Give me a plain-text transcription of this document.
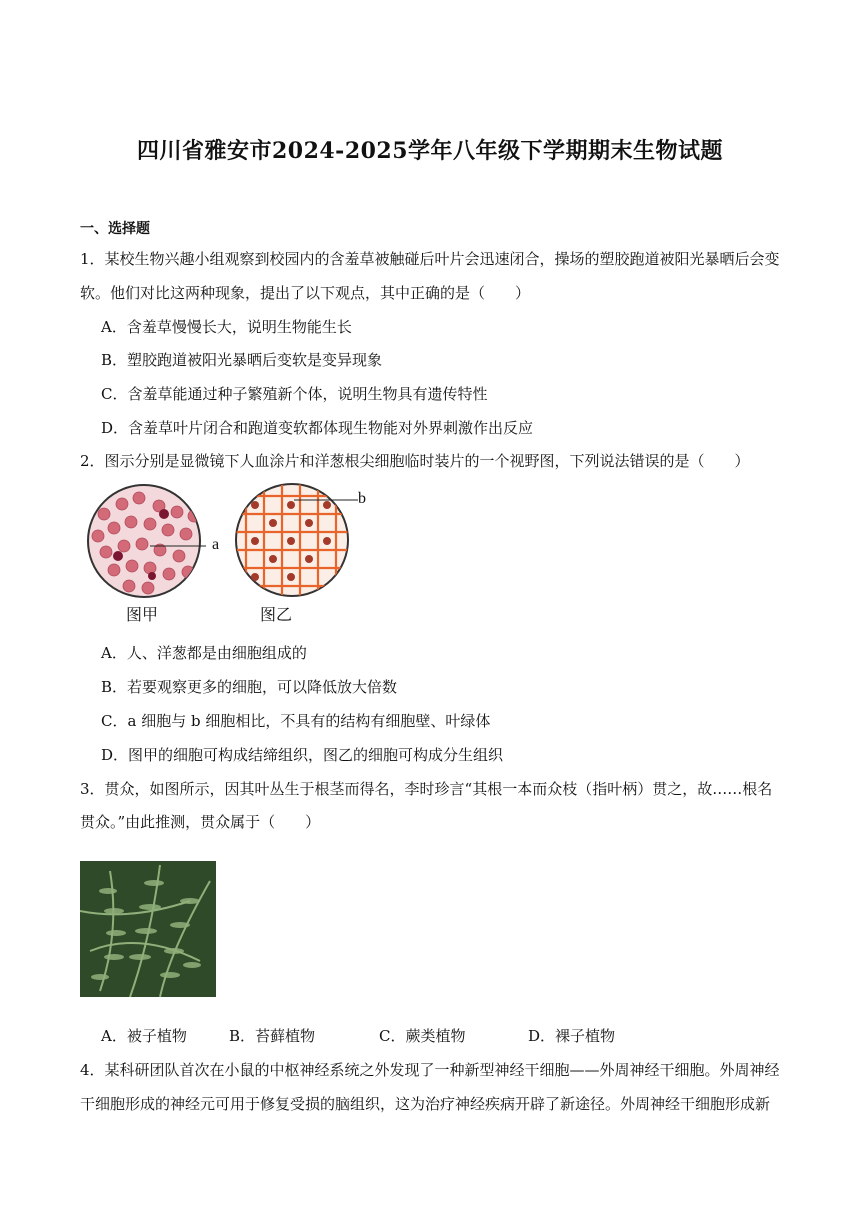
四川省雅安市2024-2025学年八年级下学期期末生物试题
一、选择题
1．某校生物兴趣小组观察到校园内的含羞草被触碰后叶片会迅速闭合，操场的塑胶跑道被阳光暴晒后会变
软。他们对比这两种现象，提出了以下观点，其中正确的是（　　）
A．含羞草慢慢长大，说明生物能生长
B．塑胶跑道被阳光暴晒后变软是变异现象
C．含羞草能通过种子繁殖新个体，说明生物具有遗传特性
D．含羞草叶片闭合和跑道变软都体现生物能对外界刺激作出反应
2．图示分别是显微镜下人血涂片和洋葱根尖细胞临时装片的一个视野图，下列说法错误的是（　　）
a
图甲
b
图乙
A．人、洋葱都是由细胞组成的
B．若要观察更多的细胞，可以降低放大倍数
C．a 细胞与 b 细胞相比，不具有的结构有细胞壁、叶绿体
D．图甲的细胞可构成结缔组织，图乙的细胞可构成分生组织
3．贯众，如图所示，因其叶丛生于根茎而得名，李时珍言“其根一本而众枝（指叶柄）贯之，故……根名
贯众。”由此推测，贯众属于（　　）
A．被子植物	B．苔藓植物	C．蕨类植物	D．裸子植物
4．某科研团队首次在小鼠的中枢神经系统之外发现了一种新型神经干细胞——外周神经干细胞。外周神经
干细胞形成的神经元可用于修复受损的脑组织，这为治疗神经疾病开辟了新途径。外周神经干细胞形成新
